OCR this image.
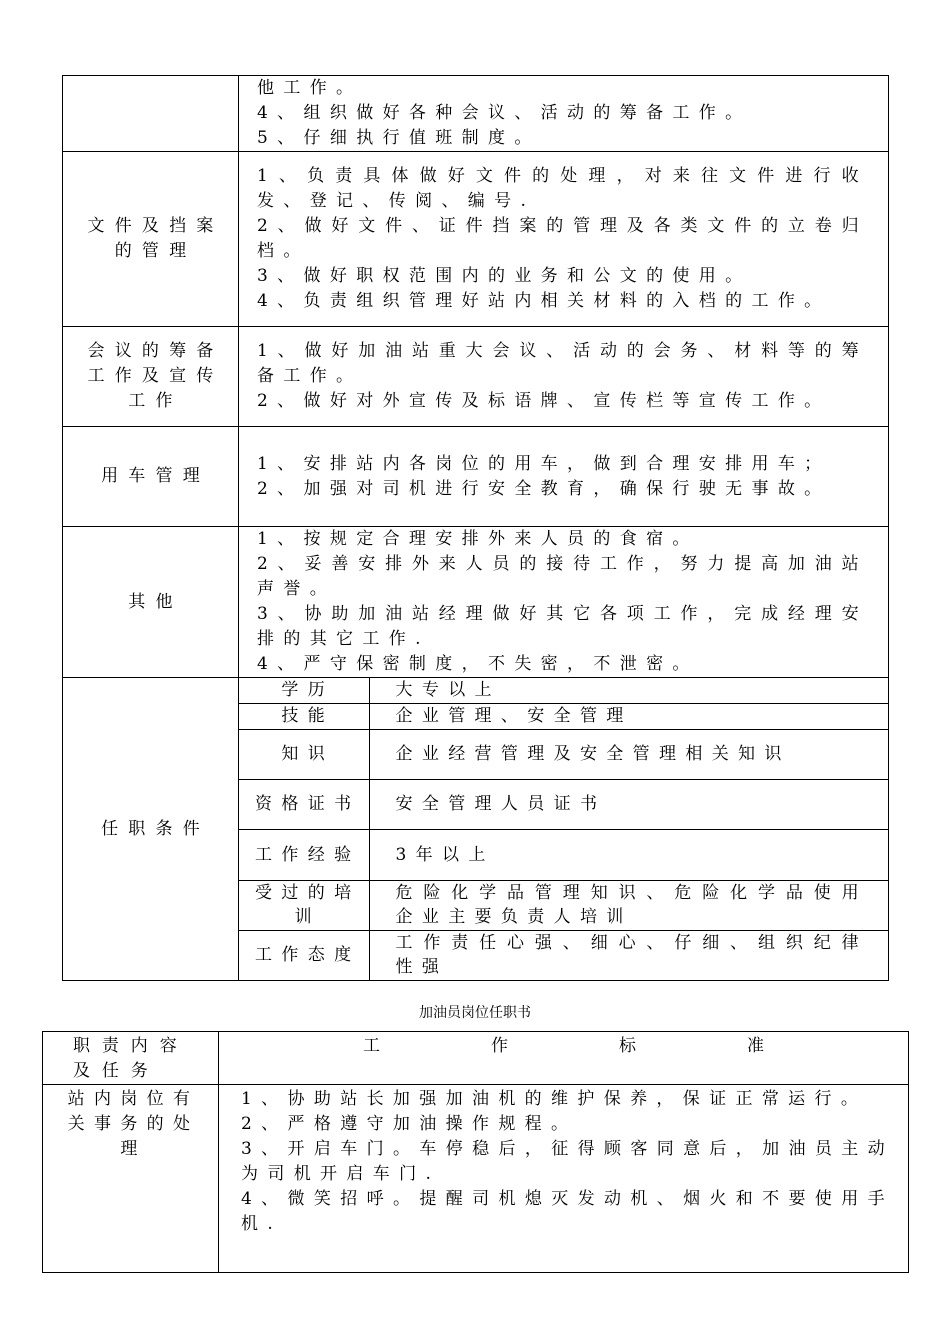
他工作。
4、组织做好各种会议、活动的筹备工作。
5、仔细执行值班制度。

文件及挡案的管理	
1、负责具体做好文件的处理，对来往文件进行收发、登记、传阅、编号.
2、做好文件、证件挡案的管理及各类文件的立卷归档。
3、做好职权范围内的业务和公文的使用。
4、负责组织管理好站内相关材料的入档的工作。

会议的筹备工作及宣传工作	
1、做好加油站重大会议、活动的会务、材料等的筹备工作。
2、做好对外宣传及标语牌、宣传栏等宣传工作。

用车管理	
1、安排站内各岗位的用车，做到合理安排用车；
2、加强对司机进行安全教育，确保行驶无事故。

其他	
1、按规定合理安排外来人员的食宿。
2、妥善安排外来人员的接待工作，努力提高加油站声誉。
3、协助加油站经理做好其它各项工作，完成经理安排的其它工作.
4、严守保密制度，不失密，不泄密。

任职条件	
学历	大专以上
技能	企业管理、安全管理
知识	企业经营管理及安全管理相关知识
资格证书	安全管理人员证书
工作经验	3年以上
受过的培训	危险化学品管理知识、危险化学品使用企业主要负责人培训
工作态度	工作责任心强、细心、仔细、组织纪律性强
加油员岗位任职书
职责内容及任务	工 作 标 准
站内岗位有关事务的处理	1、协助站长加强加油机的维护保养，保证正常运行。
2、严格遵守加油操作规程。
3、开启车门。车停稳后，征得顾客同意后，加油员主动为司机开启车门.
4、微笑招呼。提醒司机熄灭发动机、烟火和不要使用手机.
